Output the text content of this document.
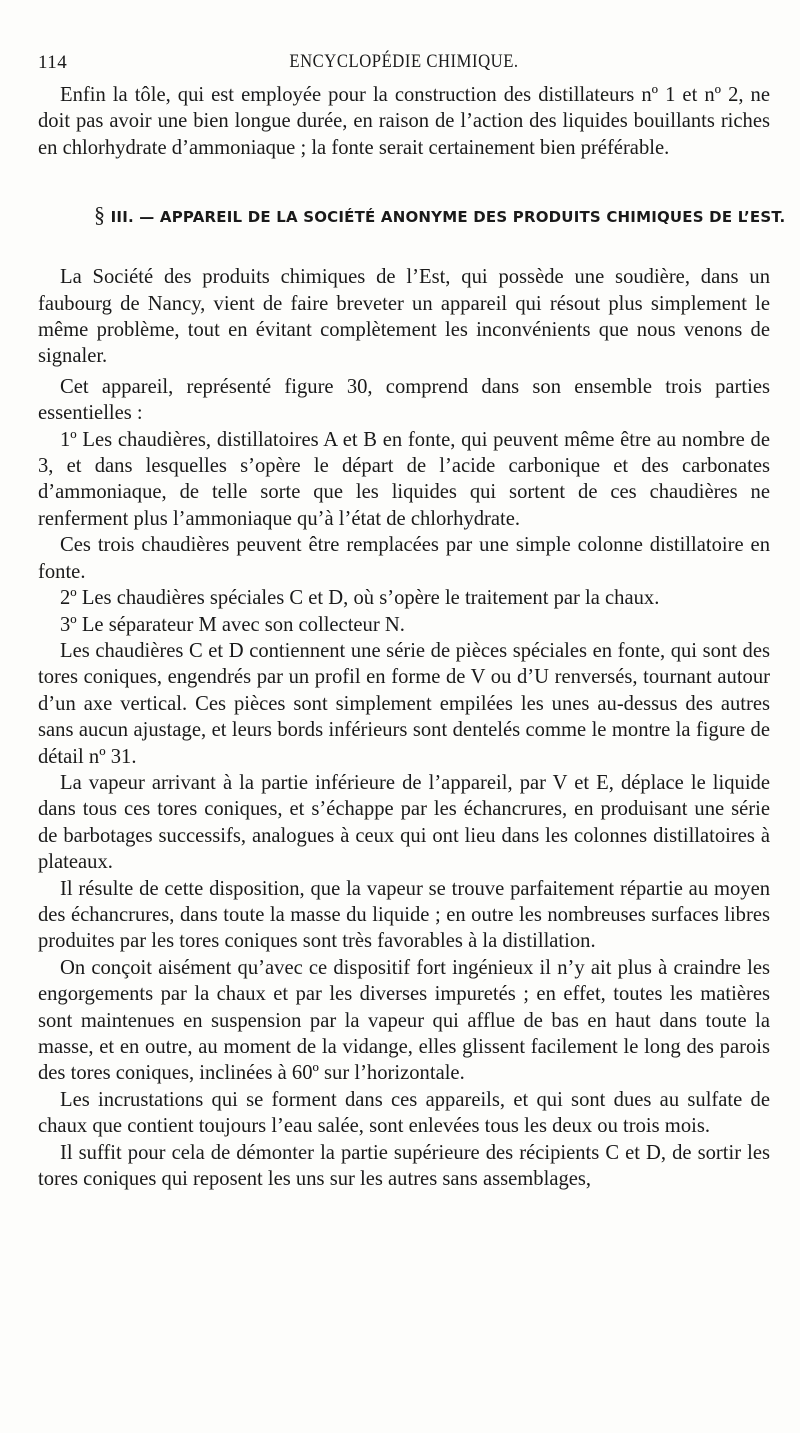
114	ENCYCLOPÉDIE CHIMIQUE.

Enfin la tôle, qui est employée pour la construction des distillateurs nº 1 et nº 2, ne doit pas avoir une bien longue durée, en raison de l’action des liquides bouillants riches en chlorhydrate d’ammoniaque ; la fonte serait certainement bien préférable.

§ III. — APPAREIL DE LA SOCIÉTÉ ANONYME DES PRODUITS CHIMIQUES DE L’EST.

La Société des produits chimiques de l’Est, qui possède une soudière, dans un faubourg de Nancy, vient de faire breveter un appareil qui résout plus simplement le même problème, tout en évitant complètement les inconvénients que nous venons de signaler.

Cet appareil, représenté figure 30, comprend dans son ensemble trois parties essentielles :

1º Les chaudières, distillatoires A et B en fonte, qui peuvent même être au nombre de 3, et dans lesquelles s’opère le départ de l’acide carbonique et des carbonates d’ammoniaque, de telle sorte que les liquides qui sortent de ces chaudières ne renferment plus l’ammoniaque qu’à l’état de chlorhydrate.

Ces trois chaudières peuvent être remplacées par une simple colonne distillatoire en fonte.

2º Les chaudières spéciales C et D, où s’opère le traitement par la chaux.

3º Le séparateur M avec son collecteur N.

Les chaudières C et D contiennent une série de pièces spéciales en fonte, qui sont des tores coniques, engendrés par un profil en forme de V ou d’U renversés, tournant autour d’un axe vertical. Ces pièces sont simplement empilées les unes au-dessus des autres sans aucun ajustage, et leurs bords inférieurs sont dentelés comme le montre la figure de détail nº 31.

La vapeur arrivant à la partie inférieure de l’appareil, par V et E, déplace le liquide dans tous ces tores coniques, et s’échappe par les échancrures, en produisant une série de barbotages successifs, analogues à ceux qui ont lieu dans les colonnes distillatoires à plateaux.

Il résulte de cette disposition, que la vapeur se trouve parfaitement répartie au moyen des échancrures, dans toute la masse du liquide ; en outre les nombreuses surfaces libres produites par les tores coniques sont très favorables à la distillation.

On conçoit aisément qu’avec ce dispositif fort ingénieux il n’y ait plus à craindre les engorgements par la chaux et par les diverses impuretés ; en effet, toutes les matières sont maintenues en suspension par la vapeur qui afflue de bas en haut dans toute la masse, et en outre, au moment de la vidange, elles glissent facilement le long des parois des tores coniques, inclinées à 60º sur l’horizontale.

Les incrustations qui se forment dans ces appareils, et qui sont dues au sulfate de chaux que contient toujours l’eau salée, sont enlevées tous les deux ou trois mois.

Il suffit pour cela de démonter la partie supérieure des récipients C et D, de sortir les tores coniques qui reposent les uns sur les autres sans assemblages,
